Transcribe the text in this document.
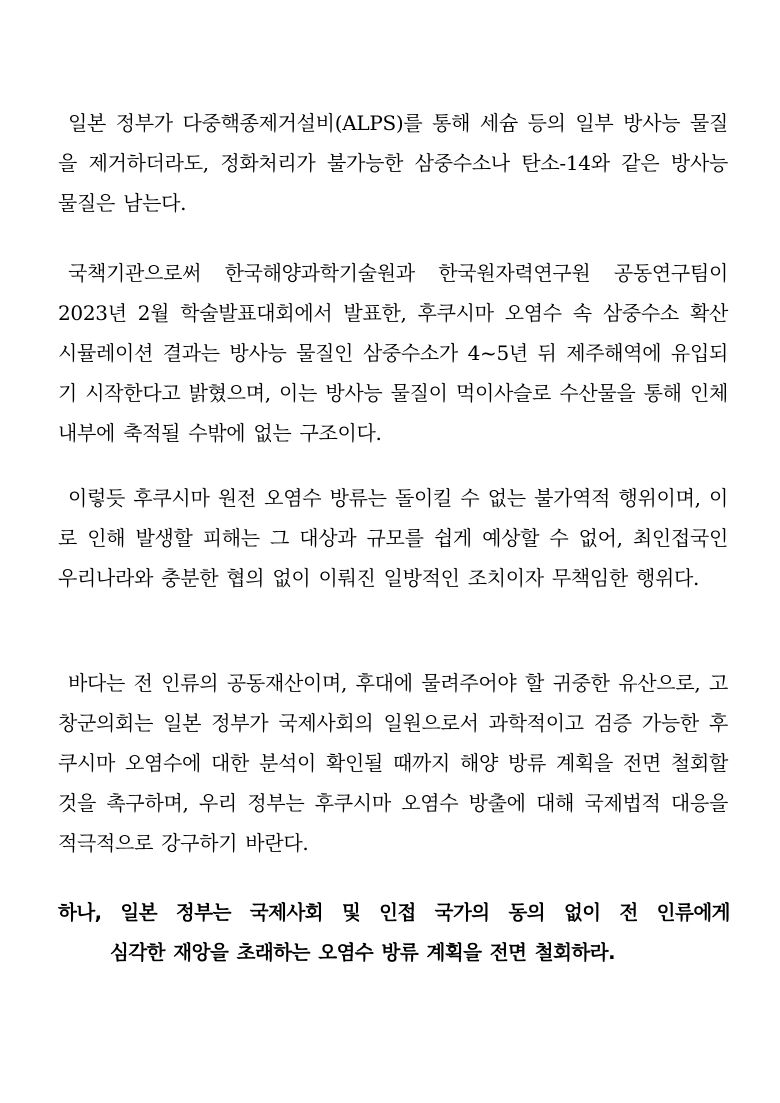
일본 정부가 다중핵종제거설비(ALPS)를 통해 세슘 등의 일부 방사능 물질을 제거하더라도, 정화처리가 불가능한 삼중수소나 탄소-14와 같은 방사능 물질은 남는다.

국책기관으로써 한국해양과학기술원과 한국원자력연구원 공동연구팀이 2023년 2월 학술발표대회에서 발표한, 후쿠시마 오염수 속 삼중수소 확산 시뮬레이션 결과는 방사능 물질인 삼중수소가 4~5년 뒤 제주해역에 유입되기 시작한다고 밝혔으며, 이는 방사능 물질이 먹이사슬로 수산물을 통해 인체 내부에 축적될 수밖에 없는 구조이다.

이렇듯 후쿠시마 원전 오염수 방류는 돌이킬 수 없는 불가역적 행위이며, 이로 인해 발생할 피해는 그 대상과 규모를 쉽게 예상할 수 없어, 최인접국인 우리나라와 충분한 협의 없이 이뤄진 일방적인 조치이자 무책임한 행위다.

바다는 전 인류의 공동재산이며, 후대에 물려주어야 할 귀중한 유산으로, 고창군의회는 일본 정부가 국제사회의 일원으로서 과학적이고 검증 가능한 후쿠시마 오염수에 대한 분석이 확인될 때까지 해양 방류 계획을 전면 철회할 것을 촉구하며, 우리 정부는 후쿠시마 오염수 방출에 대해 국제법적 대응을 적극적으로 강구하기 바란다.

하나, 일본 정부는 국제사회 및 인접 국가의 동의 없이 전 인류에게
심각한 재앙을 초래하는 오염수 방류 계획을 전면 철회하라.
